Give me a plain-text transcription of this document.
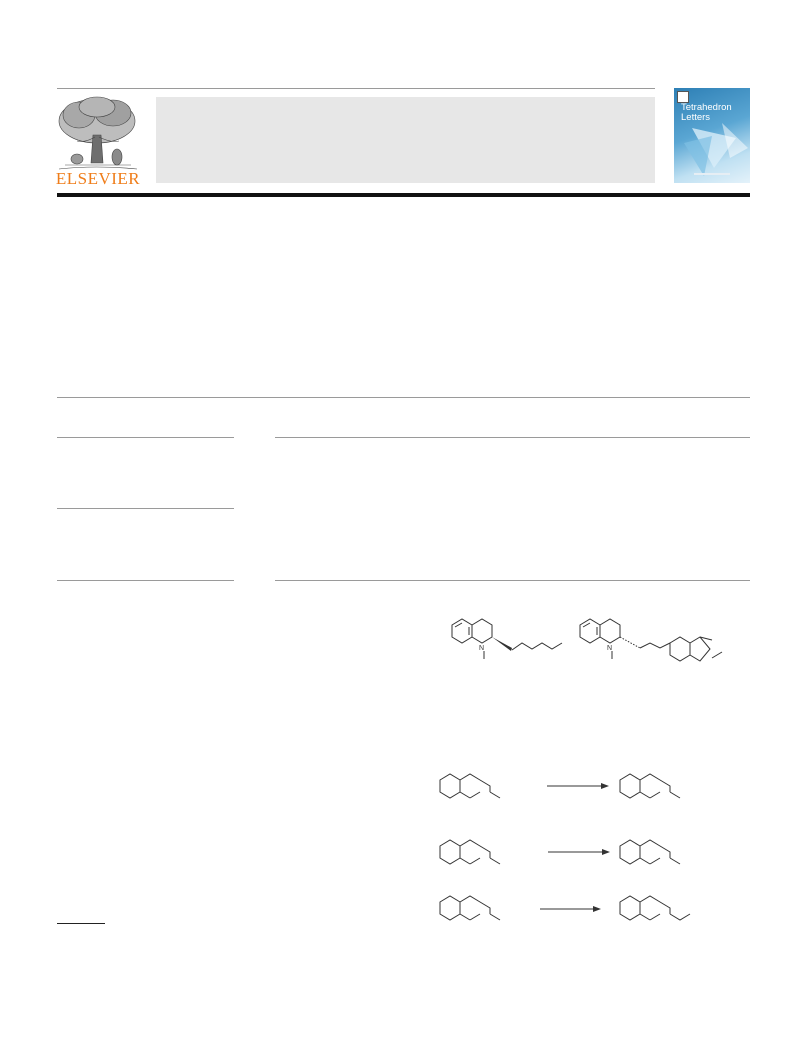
ELSEVIER
Tetrahedron Letters
N	N
